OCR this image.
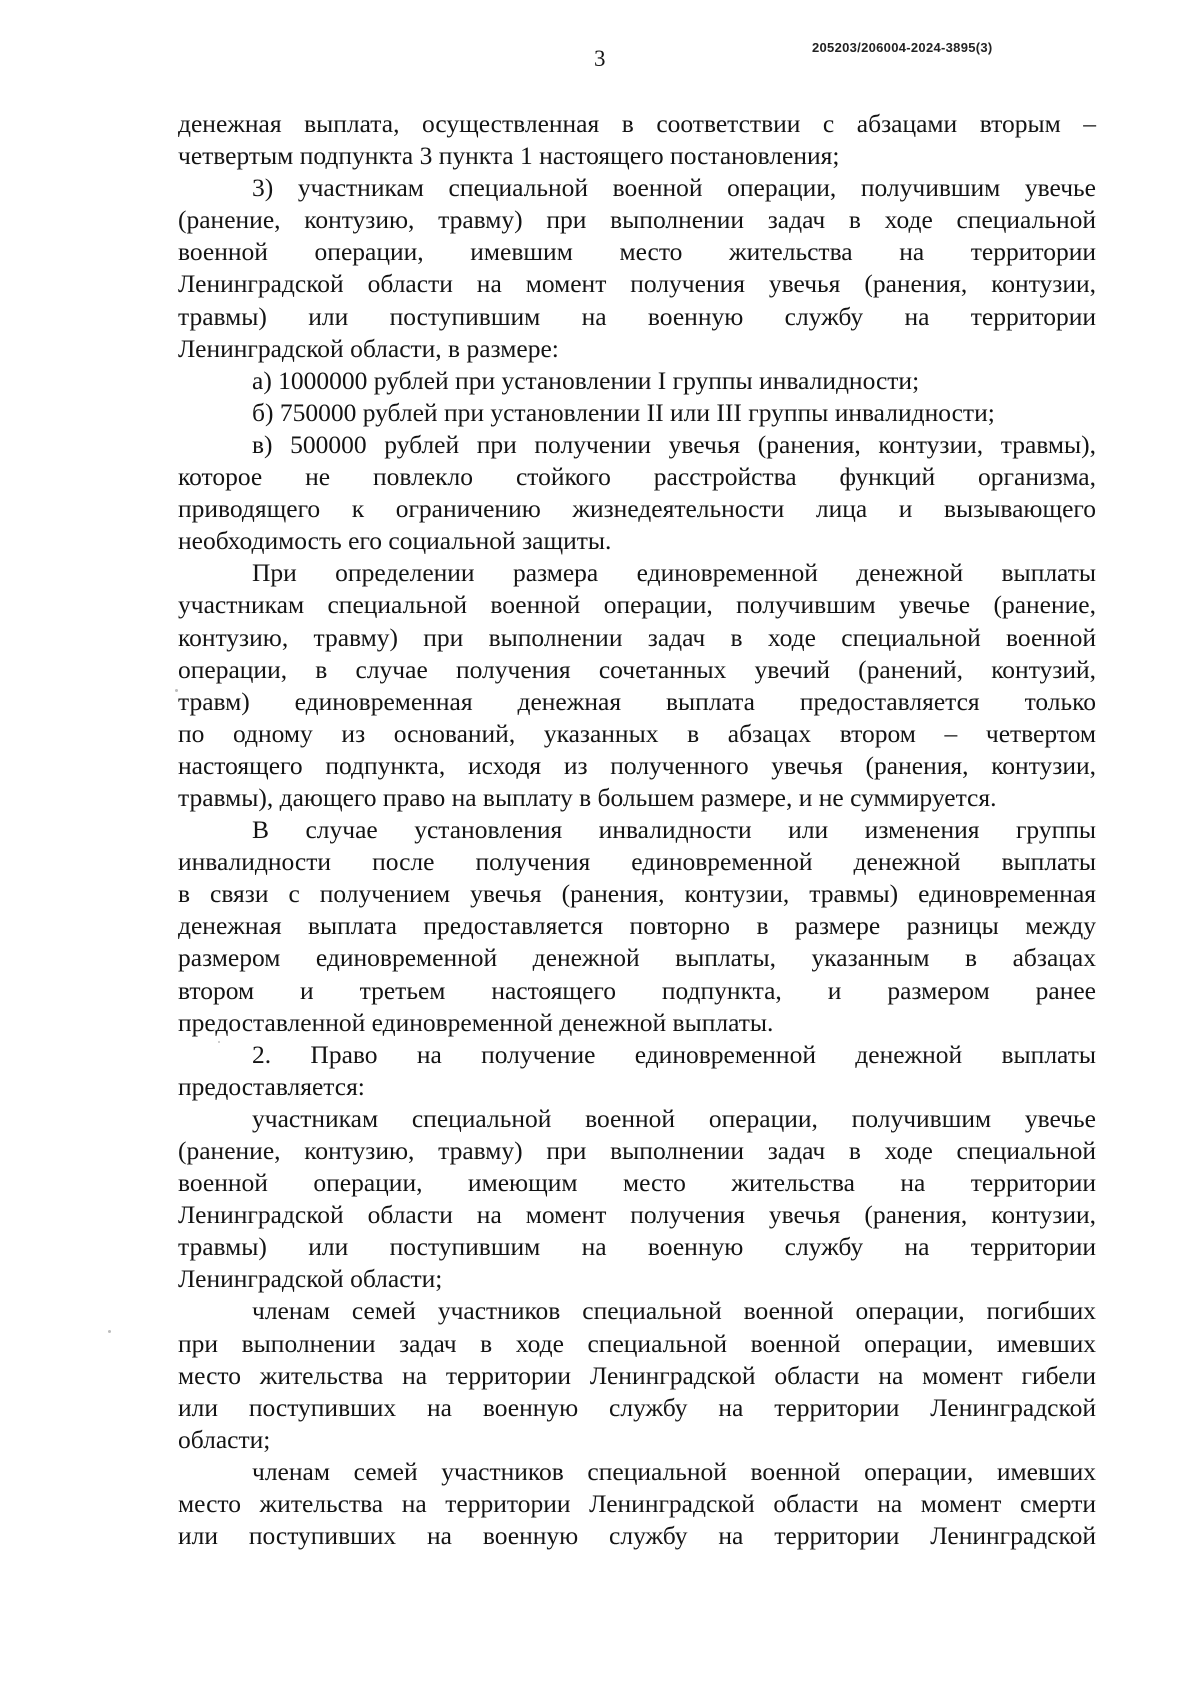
3	205203/206004-2024-3895(3)
денежная выплата, осуществленная в соответствии с абзацами вторым –
четвертым подпункта 3 пункта 1 настоящего постановления;
3) участникам специальной военной операции, получившим увечье
(ранение, контузию, травму) при выполнении задач в ходе специальной
военной операции, имевшим место жительства на территории
Ленинградской области на момент получения увечья (ранения, контузии,
травмы) или поступившим на военную службу на территории
Ленинградской области, в размере:
а) 1000000 рублей при установлении I группы инвалидности;
б) 750000 рублей при установлении II или III группы инвалидности;
в) 500000 рублей при получении увечья (ранения, контузии, травмы),
которое не повлекло стойкого расстройства функций организма,
приводящего к ограничению жизнедеятельности лица и вызывающего
необходимость его социальной защиты.
При определении размера единовременной денежной выплаты
участникам специальной военной операции, получившим увечье (ранение,
контузию, травму) при выполнении задач в ходе специальной военной
операции, в случае получения сочетанных увечий (ранений, контузий,
травм) единовременная денежная выплата предоставляется только
по одному из оснований, указанных в абзацах втором – четвертом
настоящего подпункта, исходя из полученного увечья (ранения, контузии,
травмы), дающего право на выплату в большем размере, и не суммируется.
В случае установления инвалидности или изменения группы
инвалидности после получения единовременной денежной выплаты
в связи с получением увечья (ранения, контузии, травмы) единовременная
денежная выплата предоставляется повторно в размере разницы между
размером единовременной денежной выплаты, указанным в абзацах
втором и третьем настоящего подпункта, и размером ранее
предоставленной единовременной денежной выплаты.
2. Право на получение единовременной денежной выплаты
предоставляется:
участникам специальной военной операции, получившим увечье
(ранение, контузию, травму) при выполнении задач в ходе специальной
военной операции, имеющим место жительства на территории
Ленинградской области на момент получения увечья (ранения, контузии,
травмы) или поступившим на военную службу на территории
Ленинградской области;
членам семей участников специальной военной операции, погибших
при выполнении задач в ходе специальной военной операции, имевших
место жительства на территории Ленинградской области на момент гибели
или поступивших на военную службу на территории Ленинградской
области;
членам семей участников специальной военной операции, имевших
место жительства на территории Ленинградской области на момент смерти
или поступивших на военную службу на территории Ленинградской
